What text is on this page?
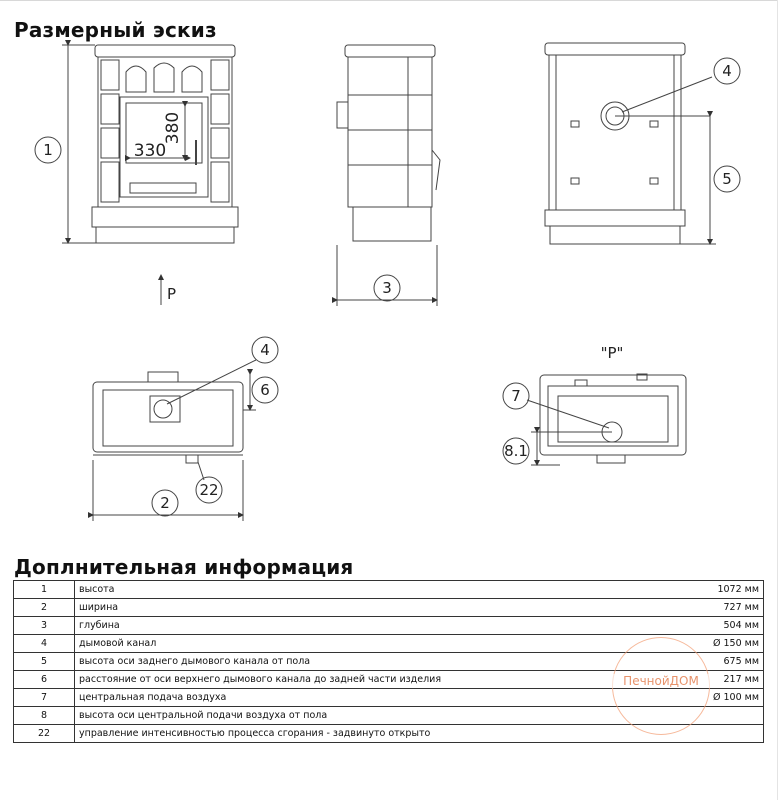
Размерный эскиз
1
3
4
5
4
6
2
22
7
8.1
380
330
P
"P"
Доплнительная информация
1	высота	1072 мм
2	ширина	727 мм
3	глубина	504 мм
4	дымовой канал	Ø 150 мм
5	высота оси заднего дымового канала от пола	675 мм
6	расстояние от оси верхнего дымового канала до задней части изделия	217 мм
7	центральная подача воздуха	Ø 100 мм
8	высота оси центральной подачи воздуха от пола	
22	управление интенсивностью процесса сгорания - задвинуто открыто	
ПечнойДОМ
